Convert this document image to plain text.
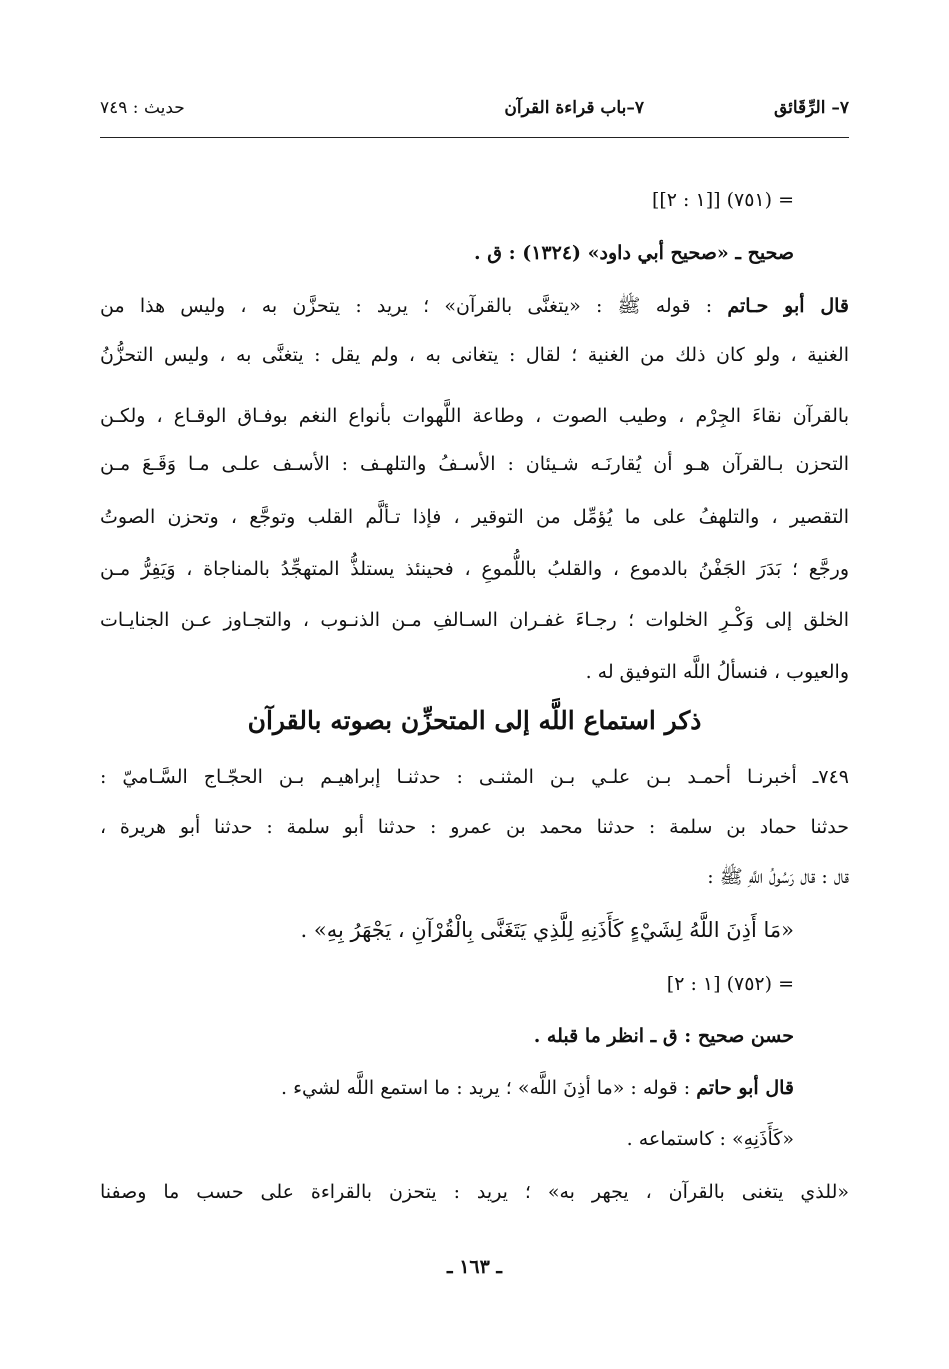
٧– الرِّقَائق
٧–باب قراءة القرآن
حديث : ٧٤٩
= (٧٥١) [[١ : ٢]]
صحيح ـ «صحيح أبي داود» (١٣٢٤) : ق .
قال أبو حـاتم : قوله ﷺ : «يتغنَّى بالقرآن» ؛ يريد : يتحزَّن به ، وليس هذا من
الغنية ، ولو كان ذلك من الغنية ؛ لقال : يتغانى به ، ولم يقل : يتغنَّى به ، وليس التحزُّنُ
بالقرآن نقاءَ الجِرْم ، وطيب الصوت ، وطاعة اللَّهوات بأنواع النغم بوفـاق الوقـاع ، ولكـن
التحزن بـالقرآن هـو أن يُقارنَـه شـيئان : الأسـفُ والتلهـف : الأسـف علـى مـا وَقَـعَ مـن
التقصير ، والتلهفُ على ما يُؤمِّل من التوقير ، فإذا تـألَّم القلب وتوجَّع ، وتحزن الصوتُ
ورجَّع ؛ بَدَرَ الجَفْنُ بالدموع ، والقلبُ باللُّموعِ ، فحينئذ يستلذُّ المتهجِّدُ بالمناجاة ، وَيَفِرُّ مـن
الخلق إلى وَكْـرِ الخلوات ؛ رجـاءَ غفـران السـالفِ مـن الذنـوب ، والتجـاوز عـن الجنايـات
والعيوب ، فنسألُ اللَّه التوفيق له .
ذكر استماع اللَّه إلى المتحزِّن بصوته بالقرآن
٧٤٩ـ أخبرنـا أحمـد بـن علـي بـن المثنـى : حدثنـا إبراهيـم بـن الحجّـاج السَّـاميّ :
حدثنا حماد بن سلمة : حدثنا محمد بن عمرو : حدثنا أبو سلمة : حدثنا أبو هريرة ،
قال : قال رَسُولُ اللَّهِ ﷺ :
«مَا أَذِنَ اللَّهُ لِشَيْءٍ كَأَذَنِهِ لِلَّذِي يَتَغَنَّى بِالْقُرْآنِ ، يَجْهَرُ بِهِ» .
= (٧٥٢) [١ : ٢]
حسن صحيح : ق ـ انظر ما قبله .
قال أبو حاتم : قوله : «ما أذِنَ اللَّه» ؛ يريد : ما استمع اللَّه لشيء .
«كَأَذَنِهِ» : كاستماعه .
«للذي يتغنى بالقرآن ، يجهر به» ؛ يريد : يتحزن بالقراءة على حسب ما وصفنا
ـ ١٦٣ ـ
